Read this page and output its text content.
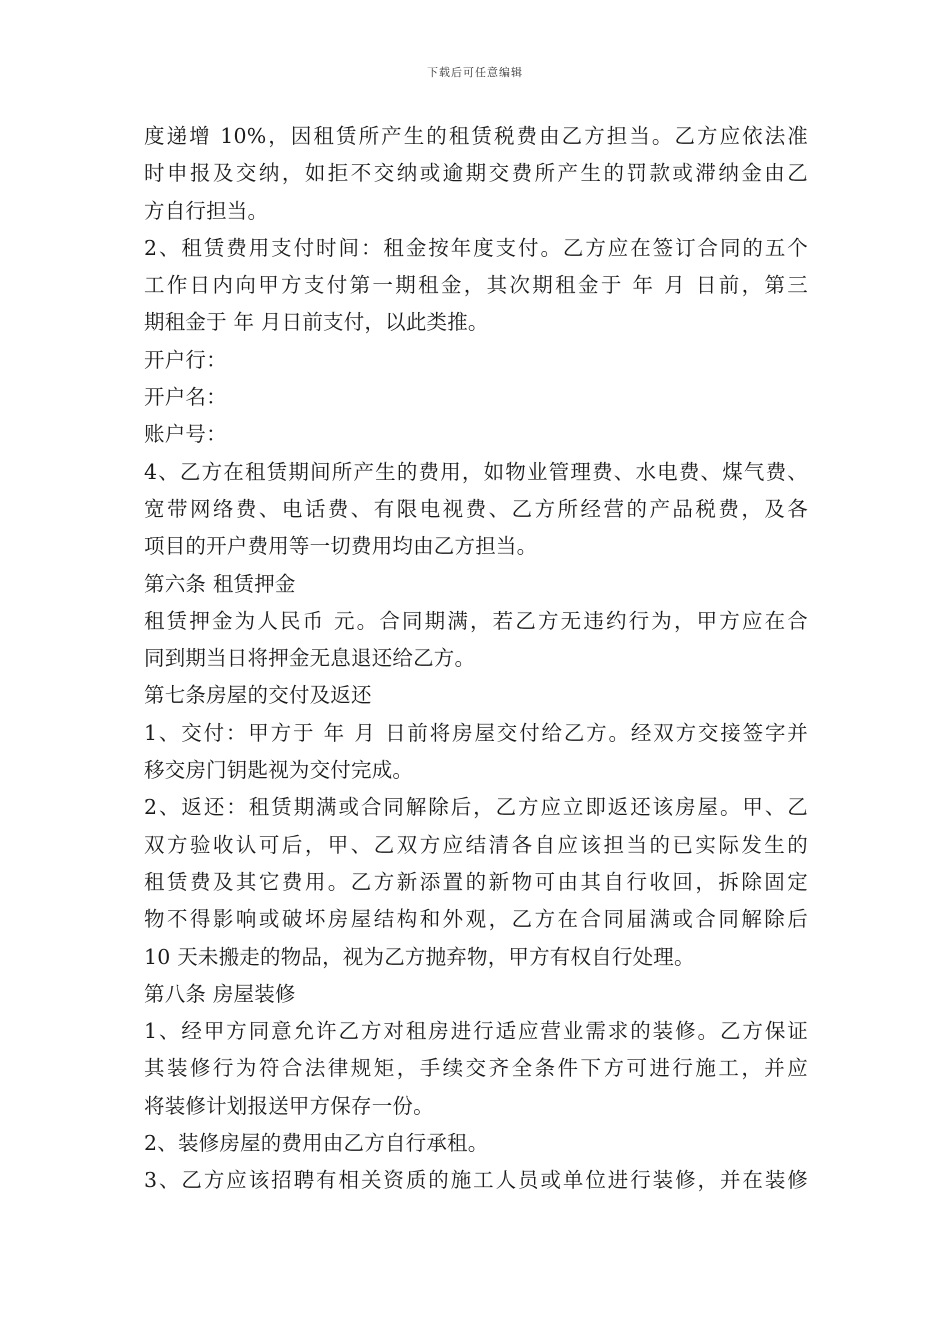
下载后可任意编辑
度递增 10%，因租赁所产生的租赁税费由乙方担当。乙方应依法准
时申报及交纳，如拒不交纳或逾期交费所产生的罚款或滞纳金由乙
方自行担当。
2、租赁费用支付时间：租金按年度支付。乙方应在签订合同的五个
工作日内向甲方支付第一期租金，其次期租金于 年 月 日前，第三
期租金于 年 月日前支付，以此类推。
开户行：
开户名：
账户号：
4、乙方在租赁期间所产生的费用，如物业管理费、水电费、煤气费、
宽带网络费、电话费、有限电视费、乙方所经营的产品税费，及各
项目的开户费用等一切费用均由乙方担当。
第六条 租赁押金
租赁押金为人民币 元。合同期满，若乙方无违约行为，甲方应在合
同到期当日将押金无息退还给乙方。
第七条房屋的交付及返还
1、交付：甲方于 年 月 日前将房屋交付给乙方。经双方交接签字并
移交房门钥匙视为交付完成。
2、返还：租赁期满或合同解除后，乙方应立即返还该房屋。甲、乙
双方验收认可后，甲、乙双方应结清各自应该担当的已实际发生的
租赁费及其它费用。乙方新添置的新物可由其自行收回，拆除固定
物不得影响或破坏房屋结构和外观，乙方在合同届满或合同解除后
10 天未搬走的物品，视为乙方抛弃物，甲方有权自行处理。
第八条 房屋装修
1、经甲方同意允许乙方对租房进行适应营业需求的装修。乙方保证
其装修行为符合法律规矩，手续交齐全条件下方可进行施工，并应
将装修计划报送甲方保存一份。
2、装修房屋的费用由乙方自行承租。
3、乙方应该招聘有相关资质的施工人员或单位进行装修，并在装修
